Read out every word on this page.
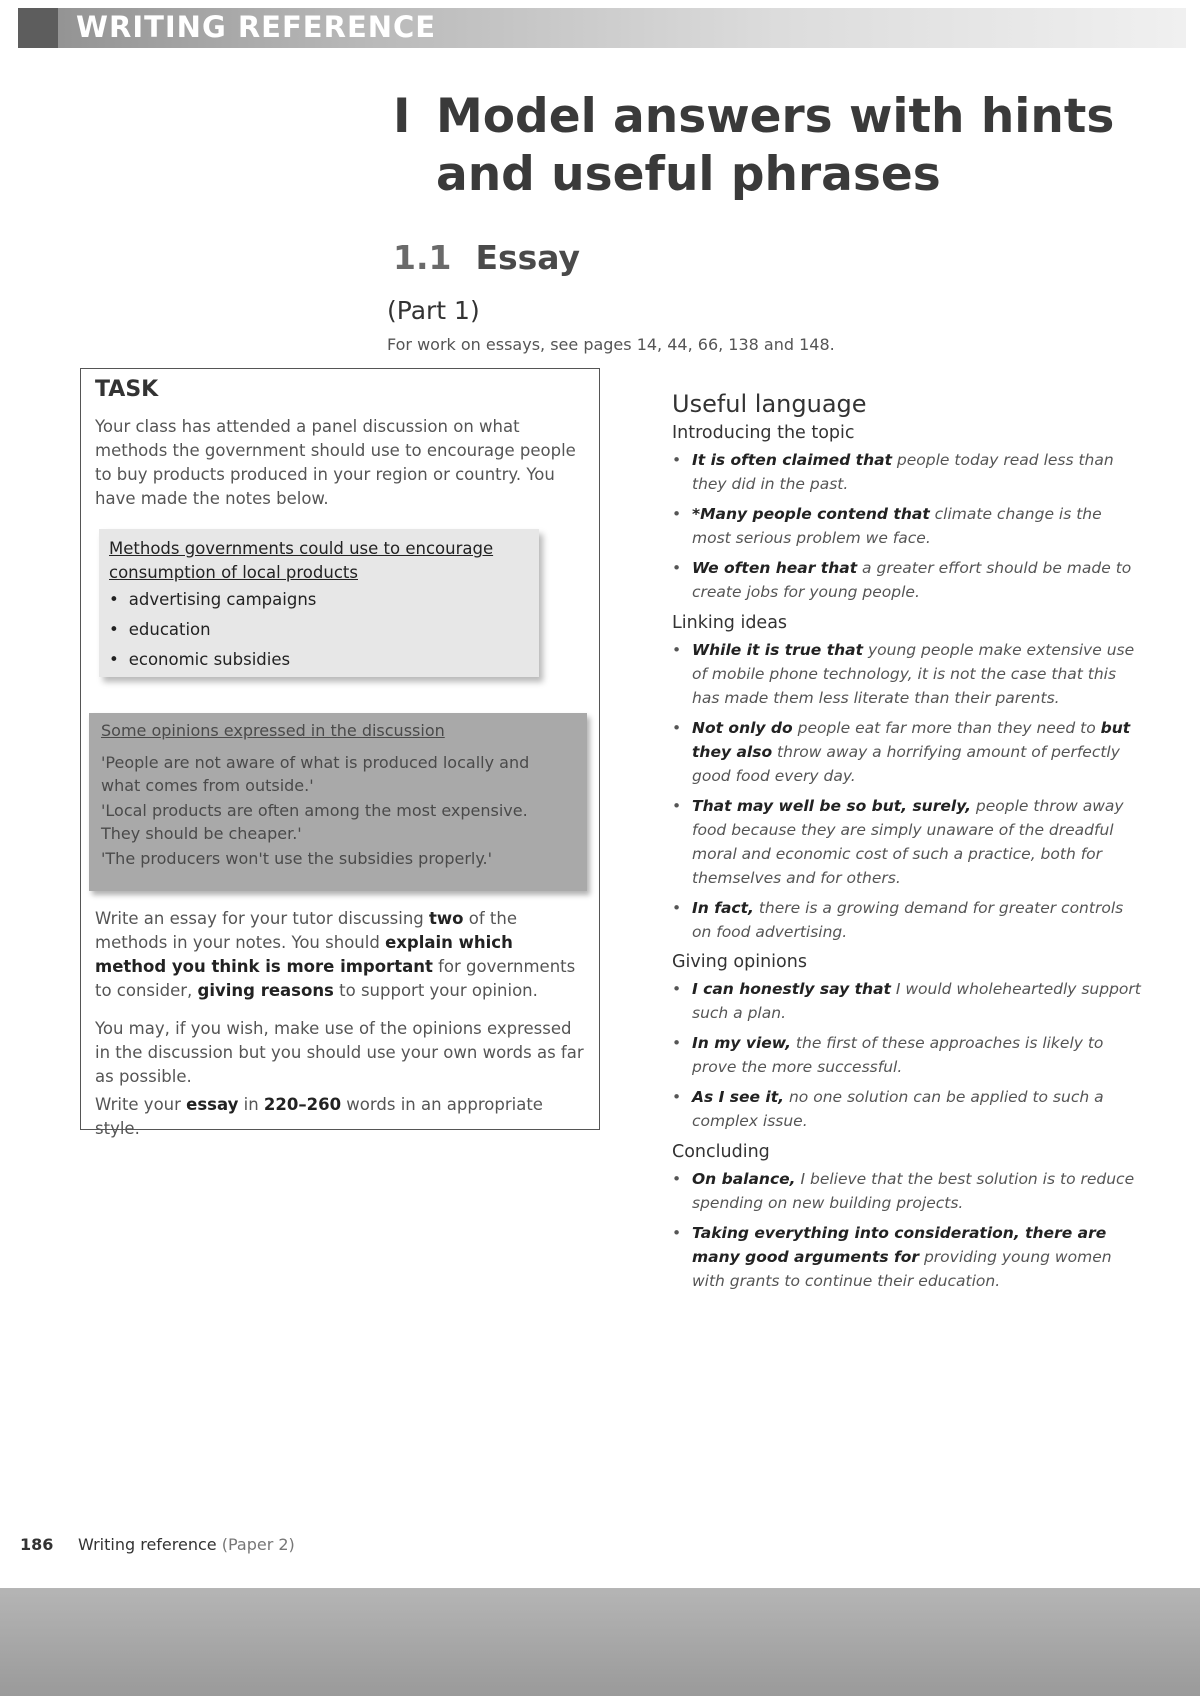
WRITING REFERENCE
I Model answers with hints and useful phrases
1.1 Essay
(Part 1)
For work on essays, see pages 14, 44, 66, 138 and 148.
TASK

Your class has attended a panel discussion on what methods the government should use to encourage people to buy products produced in your region or country. You have made the notes below.

Methods governments could use to encourage consumption of local products
• advertising campaigns
• education
• economic subsidies
Some opinions expressed in the discussion

'People are not aware of what is produced locally and what comes from outside.'

'Local products are often among the most expensive. They should be cheaper.'

'The producers won't use the subsidies properly.'

Write an essay for your tutor discussing two of the methods in your notes. You should explain which method you think is more important for governments to consider, giving reasons to support your opinion.

You may, if you wish, make use of the opinions expressed in the discussion but you should use your own words as far as possible.

Write your essay in 220–260 words in an appropriate style.

Useful language
Introducing the topic
• It is often claimed that people today read less than they did in the past.
• *Many people contend that climate change is the most serious problem we face.
• We often hear that a greater effort should be made to create jobs for young people.
Linking ideas
• While it is true that young people make extensive use of mobile phone technology, it is not the case that this has made them less literate than their parents.
• Not only do people eat far more than they need to but they also throw away a horrifying amount of perfectly good food every day.
• That may well be so but, surely, people throw away food because they are simply unaware of the dreadful moral and economic cost of such a practice, both for themselves and for others.
• In fact, there is a growing demand for greater controls on food advertising.
Giving opinions
• I can honestly say that I would wholeheartedly support such a plan.
• In my view, the first of these approaches is likely to prove the more successful.
• As I see it, no one solution can be applied to such a complex issue.
Concluding
• On balance, I believe that the best solution is to reduce spending on new building projects.
• Taking everything into consideration, there are many good arguments for providing young women with grants to continue their education.
186 Writing reference (Paper 2)
